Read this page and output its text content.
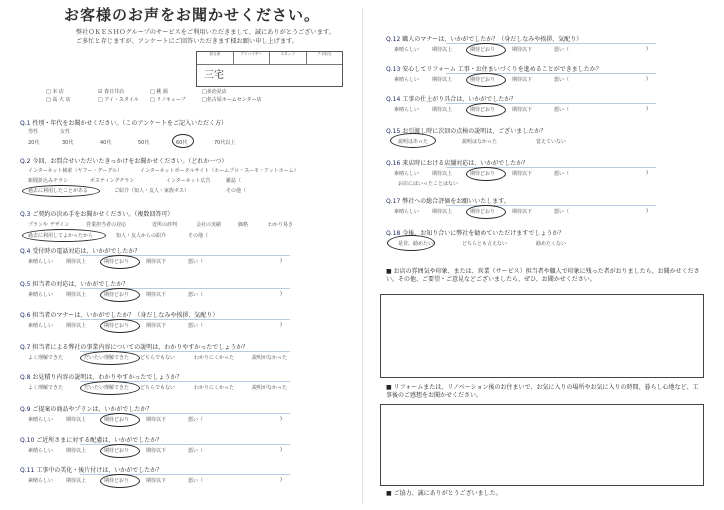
お客様のお声をお聞かせください。
弊社ＯＫＥＳＨＯグループのサービスをご利用いただきまして、誠にありがとうございます。
ご多忙と存じますが、アンケートにご回答いただきます様お願い申し上げます。
担当者	アドバイザー	スタッフ	アポ担当
三宅
□ 本 店	☑ 春日井店	□ 桃 源	□多治見店
□ 高 大 店	□ アイ・スタイル	□ リノキューブ	□名古屋ホームセンター店
Q.1 性別・年代をお聞かせください。（このアンケートをご記入いただく方）
男性	女性
20代	30代	40代	50代	60代	70代以上
Q.2 今回、お問合せいただいたきっかけをお聞かせください。（どれか一つ）
インターネット検索（ヤフー・グーグル）	インターネットポータルサイト（ホームプロ・スーモ・アットホーム）
新聞折込みチラシ	ポスティングチラシ	インターネット広告	雑誌（
過去に利用したことがある	ご紹介（知人・友人・家族ボス）	その他（
Q.3 ご契約の決め手をお聞かせください。（複数回答可）
プランや デザイン	営業担当者の対応	近所の評判	会社の実績	価格	わかり易さ
過去に利用してよかったから	知人・友人からの紹介	その他（
Q.4 受付時の電話対応は、いかがでしたか？
素晴らしい	期待以上	期待どおり	期待以下	悪い（	)
Q.5 担当者の対応は、いかがでしたか？
素晴らしい	期待以上	期待どおり	期待以下	悪い（	)
Q.6 担当者のマナーは、いかがでしたか？（身だしなみや挨拶、気配り）
素晴らしい	期待以上	期待どおり	期待以下	悪い（	)
Q.7 担当者による弊社の事業内容についての説明は、わかりやすかったでしょうか？
よく理解できた	だいたい理解できた どちらでもない	わかりにくかった	説明がなかった
Q.8 お見積り内容の説明は、わかりやすかったでしょうか？
よく理解できた	だいたい理解できた どちらでもない	わかりにくかった	説明がなかった
Q.9 ご提案の商品やプランは、いかがでしたか？
素晴らしい	期待以上	期待どおり	期待以下	悪い（	)
Q.10 ご近所さまに対する配慮は、いかがでしたか？
素晴らしい	期待以上	期待どおり	期待以下	悪い（	)
Q.11 工事中の美化・後片付けは、いかがでしたか？
素晴らしい	期待以上	期待どおり	期待以下	悪い（	)
Q.12 職人のマナーは、いかがでしたか？（身だしなみや挨拶、気配り）
素晴らしい	期待以上	期待どおり	期待以下	悪い（	)
Q.13 安心してリフォーム 工事・お住まいづくりを進めることができましたか？
素晴らしい	期待以上	期待どおり	期待以下	悪い（	)
Q.14 工事の仕上がり具合は、いかがでしたか？
素晴らしい	期待以上	期待どおり	期待以下	悪い（	)
Q.16 来店時における店舗対応は、いかがでしたか？
素晴らしい	期待以上	期待どおり	期待以下	悪い（	)
Q.17 弊社への総合評価をお願いいたします。
素晴らしい	期待以上	期待どおり	期待以下	悪い（	)
Q.15 お引渡し時に次回の点検の説明は、ございましたか？
説明はあった	説明はなかった	覚えていない
お店にはいったことはない
Q.18 今後、お知り合いに弊社を勧めていただけますでしょうか？
是非、勧めたい	どちらとも言えない	勧めたくない
■ お店の雰囲気や印象、または、営業（サービス）担当者や職人で印象に残った者がおりましたら、お聞かせください。その他、ご要望・ご意見などございましたら、ぜひ、お聞かせください。
■ リフォームまたは、リノベーション後のお住まいで、お気に入りの場所やお気に入りの時間、暮らし心地など、工事後のご感想をお聞かせください。
■ ご協力、誠にありがとうございました。
